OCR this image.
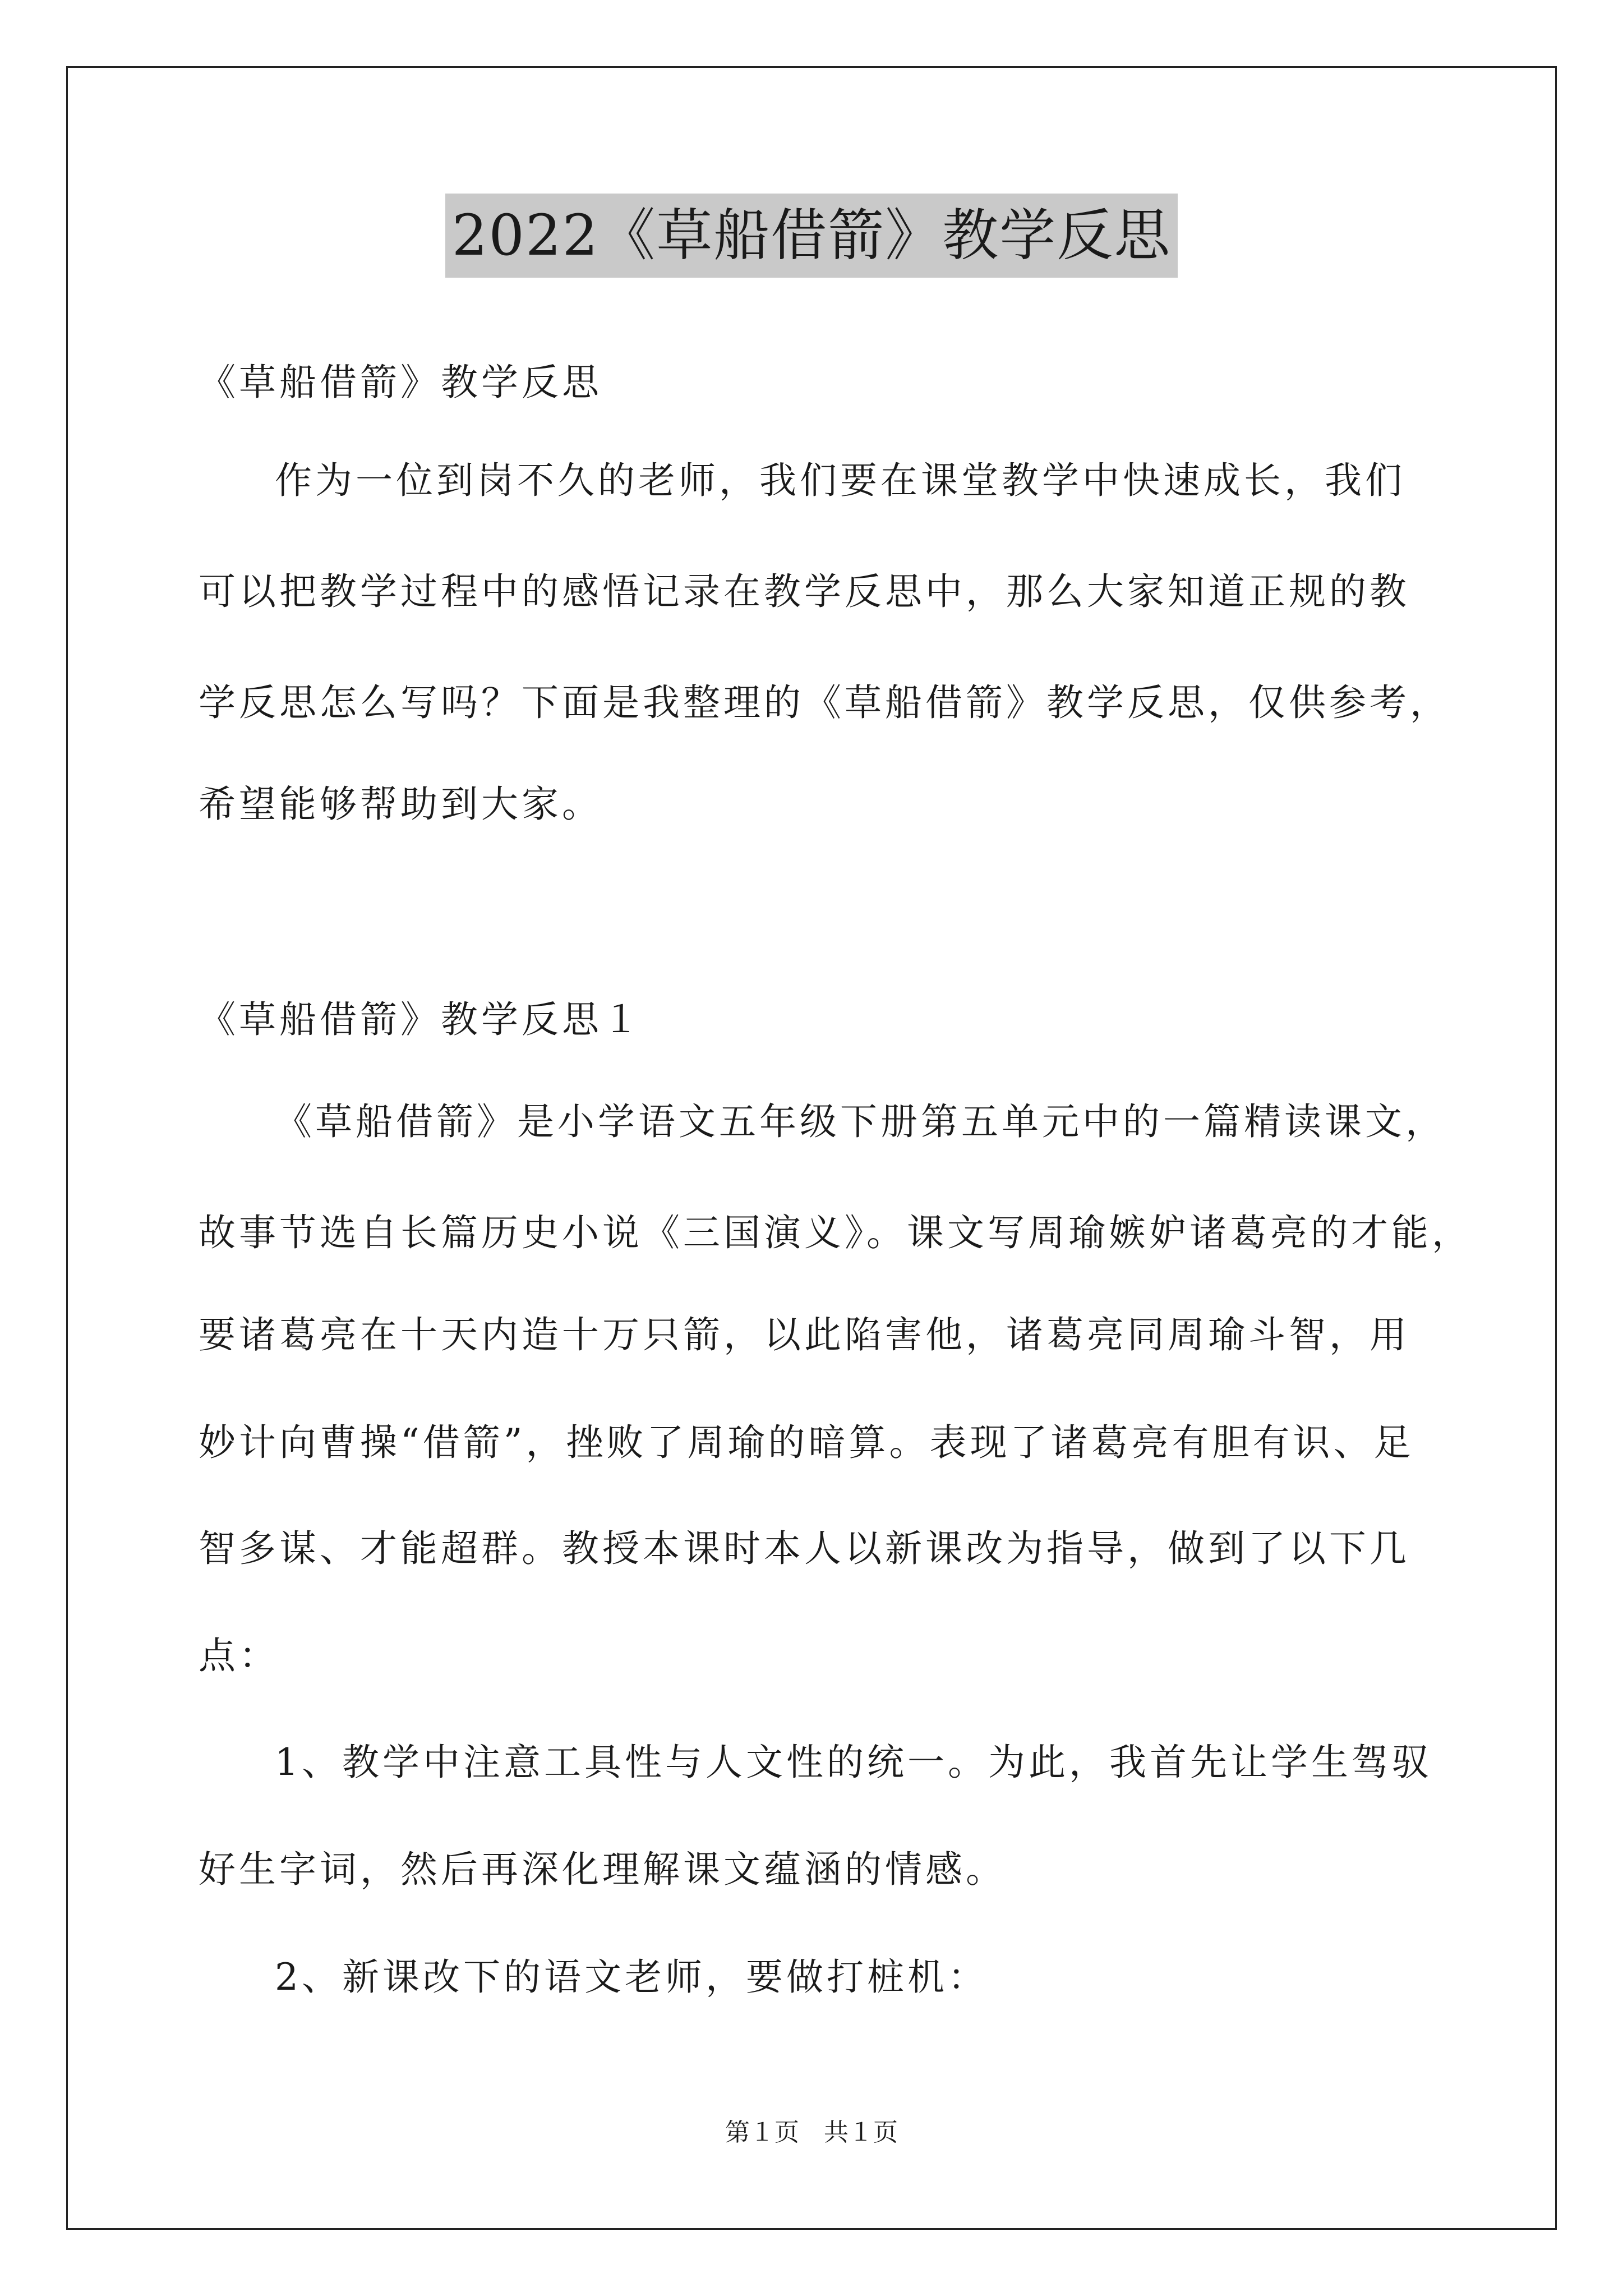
2022《草船借箭》教学反思
《草船借箭》教学反思
作为一位到岗不久的老师，我们要在课堂教学中快速成长，我们
可以把教学过程中的感悟记录在教学反思中，那么大家知道正规的教
学反思怎么写吗？下面是我整理的《草船借箭》教学反思，仅供参考，
希望能够帮助到大家。
《草船借箭》教学反思１
《草船借箭》是小学语文五年级下册第五单元中的一篇精读课文，
故事节选自长篇历史小说《三国演义》。课文写周瑜嫉妒诸葛亮的才能，
要诸葛亮在十天内造十万只箭，以此陷害他，诸葛亮同周瑜斗智，用
妙计向曹操“借箭”，挫败了周瑜的暗算。表现了诸葛亮有胆有识、足
智多谋、才能超群。教授本课时本人以新课改为指导，做到了以下几
点：
1、教学中注意工具性与人文性的统一。为此，我首先让学生驾驭
好生字词，然后再深化理解课文蕴涵的情感。
2、新课改下的语文老师，要做打桩机：
第１页　共１页
